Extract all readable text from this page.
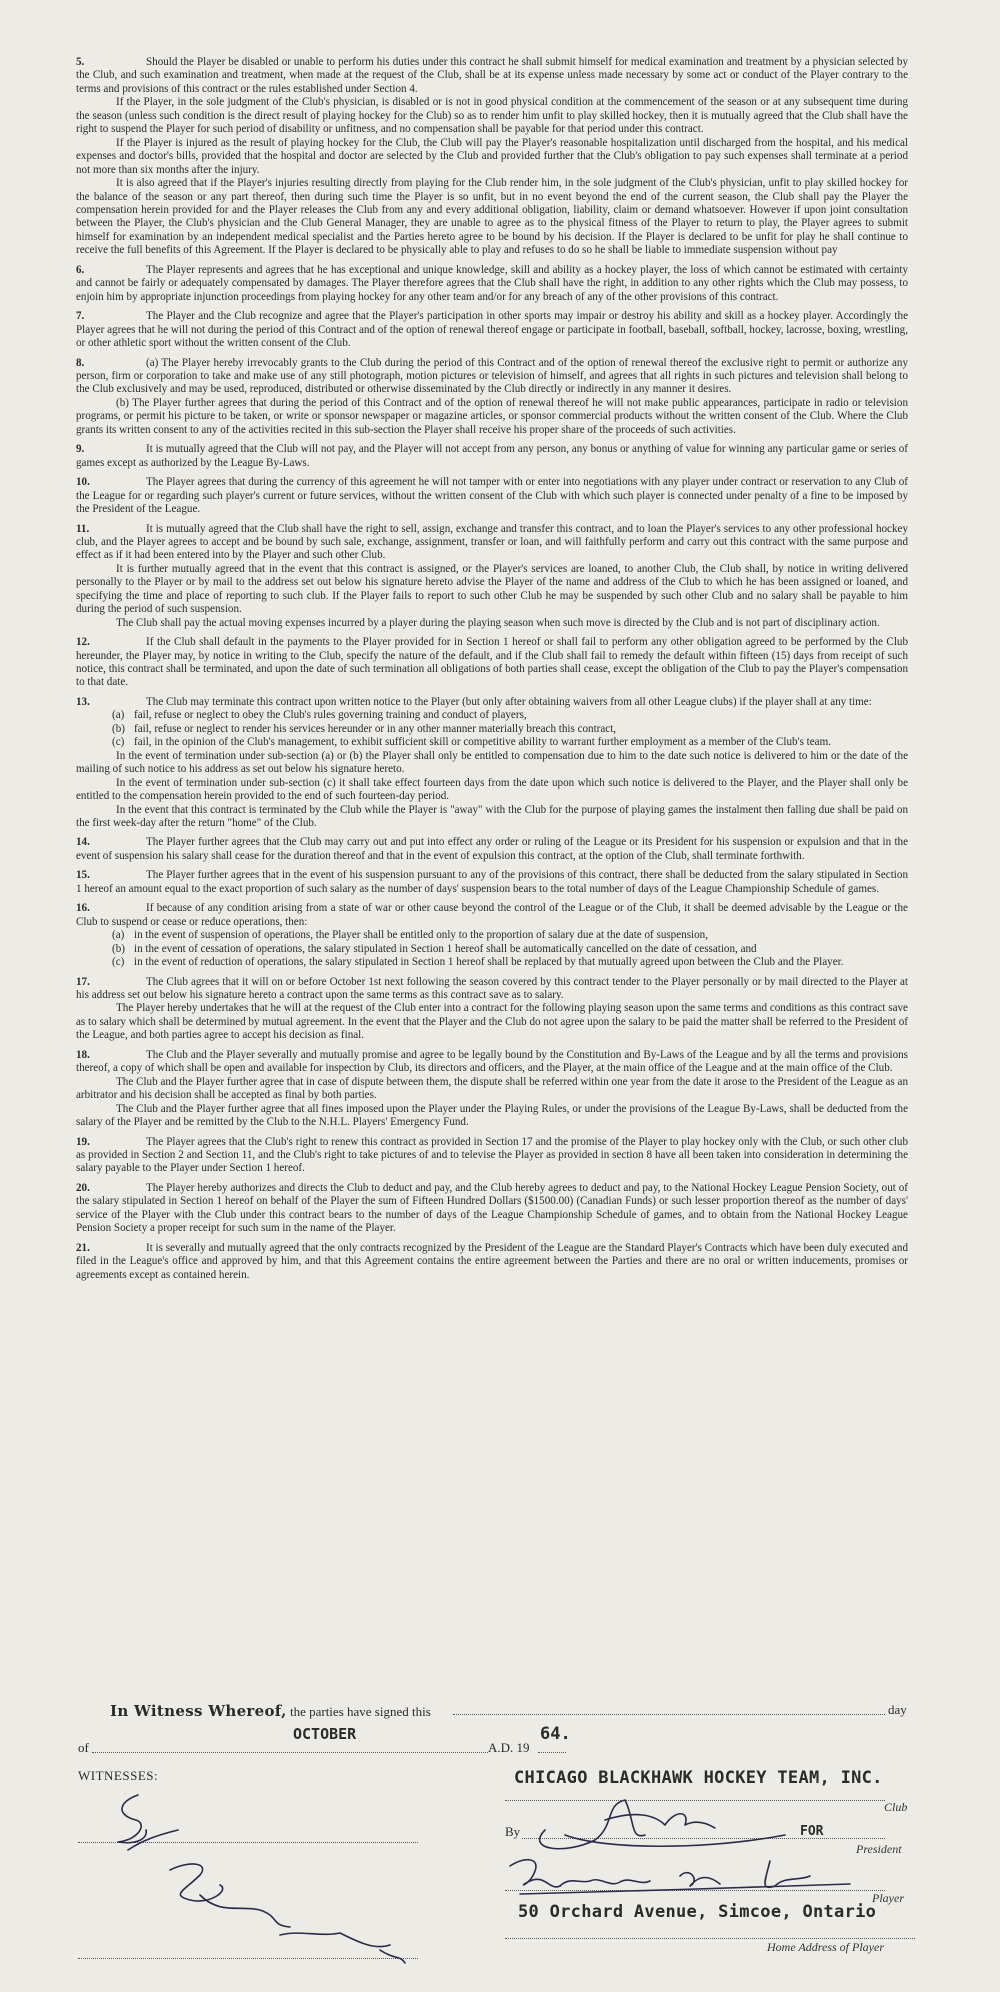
5.	Should the Player be disabled or unable to perform his duties under this contract he shall submit himself for medical examination and treatment by a physician selected by the Club, and such examination and treatment, when made at the request of the Club, shall be at its expense unless made necessary by some act or conduct of the Player contrary to the terms and provisions of this contract or the rules established under Section 4.

If the Player, in the sole judgment of the Club's physician, is disabled or is not in good physical condition at the commencement of the season or at any subsequent time during the season (unless such condition is the direct result of playing hockey for the Club) so as to render him unfit to play skilled hockey, then it is mutually agreed that the Club shall have the right to suspend the Player for such period of disability or unfitness, and no compensation shall be payable for that period under this contract.

If the Player is injured as the result of playing hockey for the Club, the Club will pay the Player's reasonable hospitalization until discharged from the hospital, and his medical expenses and doctor's bills, provided that the hospital and doctor are selected by the Club and provided further that the Club's obligation to pay such expenses shall terminate at a period not more than six months after the injury.

It is also agreed that if the Player's injuries resulting directly from playing for the Club render him, in the sole judgment of the Club's physician, unfit to play skilled hockey for the balance of the season or any part thereof, then during such time the Player is so unfit, but in no event beyond the end of the current season, the Club shall pay the Player the compensation herein provided for and the Player releases the Club from any and every additional obligation, liability, claim or demand whatsoever. However if upon joint consultation between the Player, the Club's physician and the Club General Manager, they are unable to agree as to the physical fitness of the Player to return to play, the Player agrees to submit himself for examination by an independent medical specialist and the Parties hereto agree to be bound by his decision. If the Player is declared to be unfit for play he shall continue to receive the full benefits of this Agreement. If the Player is declared to be physically able to play and refuses to do so he shall be liable to immediate suspension without pay

6.	The Player represents and agrees that he has exceptional and unique knowledge, skill and ability as a hockey player, the loss of which cannot be estimated with certainty and cannot be fairly or adequately compensated by damages. The Player therefore agrees that the Club shall have the right, in addition to any other rights which the Club may possess, to enjoin him by appropriate injunction proceedings from playing hockey for any other team and/or for any breach of any of the other provisions of this contract.

7.	The Player and the Club recognize and agree that the Player's participation in other sports may impair or destroy his ability and skill as a hockey player. Accordingly the Player agrees that he will not during the period of this Contract and of the option of renewal thereof engage or participate in football, baseball, softball, hockey, lacrosse, boxing, wrestling, or other athletic sport without the written consent of the Club.

8.	(a) The Player hereby irrevocably grants to the Club during the period of this Contract and of the option of renewal thereof the exclusive right to permit or authorize any person, firm or corporation to take and make use of any still photograph, motion pictures or television of himself, and agrees that all rights in such pictures and television shall belong to the Club exclusively and may be used, reproduced, distributed or otherwise disseminated by the Club directly or indirectly in any manner it desires.

(b) The Player further agrees that during the period of this Contract and of the option of renewal thereof he will not make public appearances, participate in radio or television programs, or permit his picture to be taken, or write or sponsor newspaper or magazine articles, or sponsor commercial products without the written consent of the Club. Where the Club grants its written consent to any of the activities recited in this sub-section the Player shall receive his proper share of the proceeds of such activities.

9.	It is mutually agreed that the Club will not pay, and the Player will not accept from any person, any bonus or anything of value for winning any particular game or series of games except as authorized by the League By-Laws.

10.	The Player agrees that during the currency of this agreement he will not tamper with or enter into negotiations with any player under contract or reservation to any Club of the League for or regarding such player's current or future services, without the written consent of the Club with which such player is connected under penalty of a fine to be imposed by the President of the League.

11.	It is mutually agreed that the Club shall have the right to sell, assign, exchange and transfer this contract, and to loan the Player's services to any other professional hockey club, and the Player agrees to accept and be bound by such sale, exchange, assignment, transfer or loan, and will faithfully perform and carry out this contract with the same purpose and effect as if it had been entered into by the Player and such other Club.

It is further mutually agreed that in the event that this contract is assigned, or the Player's services are loaned, to another Club, the Club shall, by notice in writing delivered personally to the Player or by mail to the address set out below his signature hereto advise the Player of the name and address of the Club to which he has been assigned or loaned, and specifying the time and place of reporting to such club. If the Player fails to report to such other Club he may be suspended by such other Club and no salary shall be payable to him during the period of such suspension.

The Club shall pay the actual moving expenses incurred by a player during the playing season when such move is directed by the Club and is not part of disciplinary action.

12.	If the Club shall default in the payments to the Player provided for in Section 1 hereof or shall fail to perform any other obligation agreed to be performed by the Club hereunder, the Player may, by notice in writing to the Club, specify the nature of the default, and if the Club shall fail to remedy the default within fifteen (15) days from receipt of such notice, this contract shall be terminated, and upon the date of such termination all obligations of both parties shall cease, except the obligation of the Club to pay the Player's compensation to that date.

13.	The Club may terminate this contract upon written notice to the Player (but only after obtaining waivers from all other League clubs) if the player shall at any time:

(a) fail, refuse or neglect to obey the Club's rules governing training and conduct of players,

(b) fail, refuse or neglect to render his services hereunder or in any other manner materially breach this contract,

(c) fail, in the opinion of the Club's management, to exhibit sufficient skill or competitive ability to warrant further employment as a member of the Club's team.

In the event of termination under sub-section (a) or (b) the Player shall only be entitled to compensation due to him to the date such notice is delivered to him or the date of the mailing of such notice to his address as set out below his signature hereto.

In the event of termination under sub-section (c) it shall take effect fourteen days from the date upon which such notice is delivered to the Player, and the Player shall only be entitled to the compensation herein provided to the end of such fourteen-day period.

In the event that this contract is terminated by the Club while the Player is "away" with the Club for the purpose of playing games the instalment then falling due shall be paid on the first week-day after the return "home" of the Club.

14.	The Player further agrees that the Club may carry out and put into effect any order or ruling of the League or its President for his suspension or expulsion and that in the event of suspension his salary shall cease for the duration thereof and that in the event of expulsion this contract, at the option of the Club, shall terminate forthwith.

15.	The Player further agrees that in the event of his suspension pursuant to any of the provisions of this contract, there shall be deducted from the salary stipulated in Section 1 hereof an amount equal to the exact proportion of such salary as the number of days' suspension bears to the total number of days of the League Championship Schedule of games.

16.	If because of any condition arising from a state of war or other cause beyond the control of the League or of the Club, it shall be deemed advisable by the League or the Club to suspend or cease or reduce operations, then:

(a) in the event of suspension of operations, the Player shall be entitled only to the proportion of salary due at the date of suspension,

(b) in the event of cessation of operations, the salary stipulated in Section 1 hereof shall be automatically cancelled on the date of cessation, and

(c) in the event of reduction of operations, the salary stipulated in Section 1 hereof shall be replaced by that mutually agreed upon between the Club and the Player.

17.	The Club agrees that it will on or before October 1st next following the season covered by this contract tender to the Player personally or by mail directed to the Player at his address set out below his signature hereto a contract upon the same terms as this contract save as to salary.

The Player hereby undertakes that he will at the request of the Club enter into a contract for the following playing season upon the same terms and conditions as this contract save as to salary which shall be determined by mutual agreement. In the event that the Player and the Club do not agree upon the salary to be paid the matter shall be referred to the President of the League, and both parties agree to accept his decision as final.

18.	The Club and the Player severally and mutually promise and agree to be legally bound by the Constitution and By-Laws of the League and by all the terms and provisions thereof, a copy of which shall be open and available for inspection by Club, its directors and officers, and the Player, at the main office of the League and at the main office of the Club.

The Club and the Player further agree that in case of dispute between them, the dispute shall be referred within one year from the date it arose to the President of the League as an arbitrator and his decision shall be accepted as final by both parties.

The Club and the Player further agree that all fines imposed upon the Player under the Playing Rules, or under the provisions of the League By-Laws, shall be deducted from the salary of the Player and be remitted by the Club to the N.H.L. Players' Emergency Fund.

19.	The Player agrees that the Club's right to renew this contract as provided in Section 17 and the promise of the Player to play hockey only with the Club, or such other club as provided in Section 2 and Section 11, and the Club's right to take pictures of and to televise the Player as provided in section 8 have all been taken into consideration in determining the salary payable to the Player under Section 1 hereof.

20.	The Player hereby authorizes and directs the Club to deduct and pay, and the Club hereby agrees to deduct and pay, to the National Hockey League Pension Society, out of the salary stipulated in Section 1 hereof on behalf of the Player the sum of Fifteen Hundred Dollars ($1500.00) (Canadian Funds) or such lesser proportion thereof as the number of days' service of the Player with the Club under this contract bears to the number of days of the League Championship Schedule of games, and to obtain from the National Hockey League Pension Society a proper receipt for such sum in the name of the Player.

21.	It is severally and mutually agreed that the only contracts recognized by the President of the League are the Standard Player's Contracts which have been duly executed and filed in the League's office and approved by him, and that this Agreement contains the entire agreement between the Parties and there are no oral or written inducements, promises or agreements except as contained herein.

In Witness Whereof, the parties have signed this	day
OCTOBER
of	A.D. 19
64.
WITNESSES:	CHICAGO BLACKHAWK HOCKEY TEAM, INC.
Club
By	FOR
President
Player
50 Orchard Avenue, Simcoe, Ontario
Home Address of Player
